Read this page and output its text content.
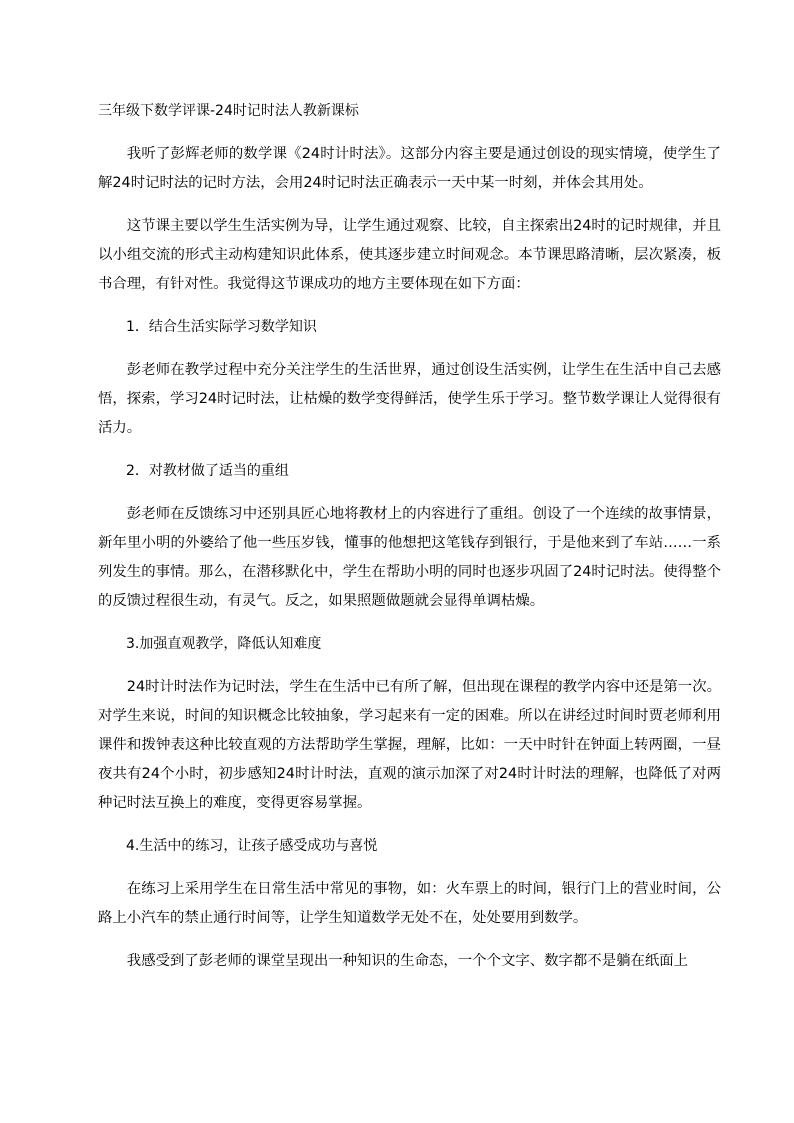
三年级下数学评课-24时记时法人教新课标

我听了彭辉老师的数学课《24时计时法》。这部分内容主要是通过创设的现实情境，使学生了解24时记时法的记时方法，会用24时记时法正确表示一天中某一时刻，并体会其用处。

这节课主要以学生生活实例为导，让学生通过观察、比较，自主探索出24时的记时规律，并且以小组交流的形式主动构建知识此体系，使其逐步建立时间观念。本节课思路清晰，层次紧凑，板书合理，有针对性。我觉得这节课成功的地方主要体现在如下方面：

1．结合生活实际学习数学知识

彭老师在教学过程中充分关注学生的生活世界，通过创设生活实例，让学生在生活中自己去感悟，探索，学习24时记时法，让枯燥的数学变得鲜活，使学生乐于学习。整节数学课让人觉得很有活力。

2．对教材做了适当的重组

彭老师在反馈练习中还别具匠心地将教材上的内容进行了重组。创设了一个连续的故事情景，新年里小明的外婆给了他一些压岁钱，懂事的他想把这笔钱存到银行，于是他来到了车站……一系列发生的事情。那么，在潜移默化中，学生在帮助小明的同时也逐步巩固了24时记时法。使得整个的反馈过程很生动，有灵气。反之，如果照题做题就会显得单调枯燥。

3.加强直观教学，降低认知难度

24时计时法作为记时法，学生在生活中已有所了解，但出现在课程的教学内容中还是第一次。对学生来说，时间的知识概念比较抽象，学习起来有一定的困难。所以在讲经过时间时贾老师利用课件和拨钟表这种比较直观的方法帮助学生掌握，理解，比如：一天中时针在钟面上转两圈，一昼夜共有24个小时，初步感知24时计时法，直观的演示加深了对24时计时法的理解，也降低了对两种记时法互换上的难度，变得更容易掌握。

4.生活中的练习，让孩子感受成功与喜悦

在练习上采用学生在日常生活中常见的事物，如：火车票上的时间，银行门上的营业时间，公路上小汽车的禁止通行时间等，让学生知道数学无处不在，处处要用到数学。

我感受到了彭老师的课堂呈现出一种知识的生命态，一个个文字、数字都不是躺在纸面上
